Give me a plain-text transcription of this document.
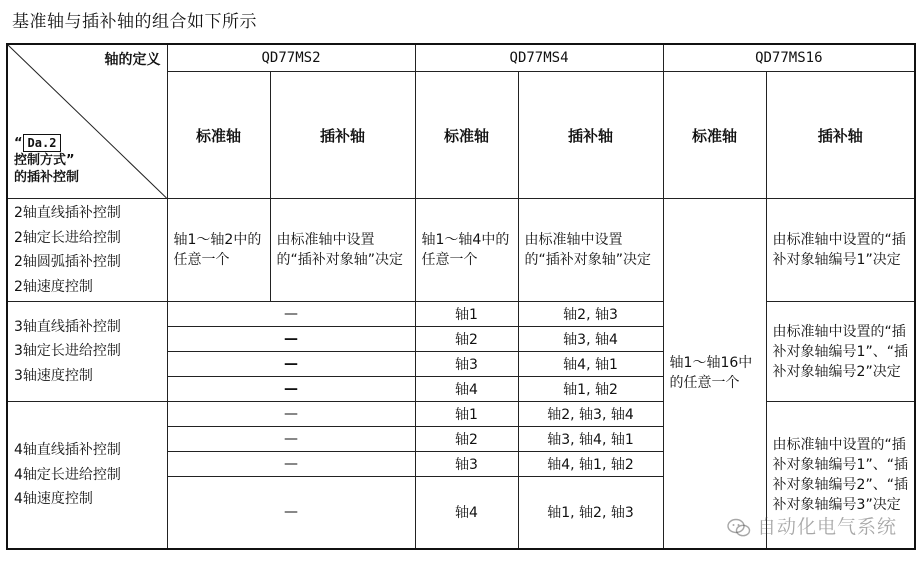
基准轴与插补轴的组合如下所示
轴的定义
“ Da.2
控制方式”
的插补控制	QD77MS2		QD77MS4		QD77MS16	
	标准轴	插补轴	标准轴	插补轴	标准轴	插补轴

2轴直线插补控制
2轴定长进给控制
2轴圆弧插补控制
2轴速度控制	轴1～轴2中的任意一个	由标准轴中设置的“插补对象轴”决定	轴1～轴4中的任意一个	由标准轴中设置的“插补对象轴”决定	轴1～轴16中的任意一个	由标准轴中设置的“插补对象轴编号1”决定

3轴直线插补控制
3轴定长进给控制
3轴速度控制	—		轴1	轴2, 轴3		由标准轴中设置的“插补对象轴编号1”、“插补对象轴编号2”决定
	—		轴2	轴3, 轴4		
	—		轴3	轴4, 轴1		
	—		轴4	轴1, 轴2		

4轴直线插补控制
4轴定长进给控制
4轴速度控制	—		轴1	轴2, 轴3, 轴4		由标准轴中设置的“插补对象轴编号1”、“插补对象轴编号2”、“插补对象轴编号3”决定
	—		轴2	轴3, 轴4, 轴1		
	—		轴3	轴4, 轴1, 轴2		
	—		轴4	轴1, 轴2, 轴3		
自动化电气系统
